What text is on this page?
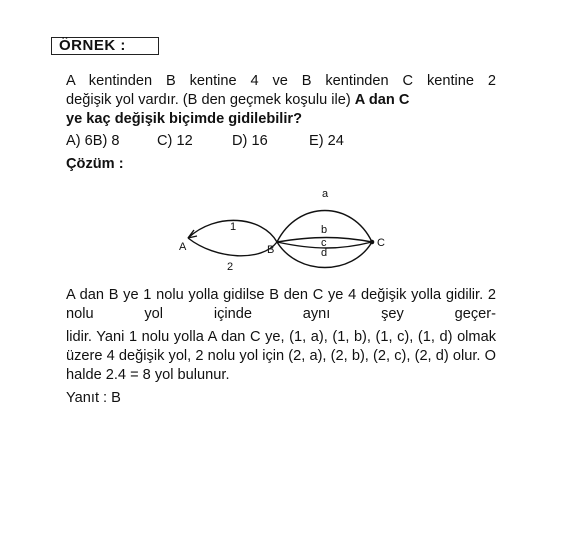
ÖRNEK :
A kentinden B kentine 4 ve B kentinden C kentine 2
değişik yol vardır. (B den geçmek koşulu ile) A dan C
ye kaç değişik biçimde gidilebilir?
A) 6B) 8	C) 12	D) 16	E) 24
Çözüm :
A	B
C
1
2
a
b
c
d
A dan B ye 1 nolu yolla gidilse B den C ye 4 değişik yolla gidilir. 2 nolu yol içinde aynı şey geçer-
lidir. Yani 1 nolu yolla A dan C ye, (1, a), (1, b), (1, c), (1, d) olmak üzere 4 değişik yol, 2 nolu yol için (2, a), (2, b), (2, c), (2, d) olur. O halde 2.4 = 8 yol bulunur.
Yanıt : B
